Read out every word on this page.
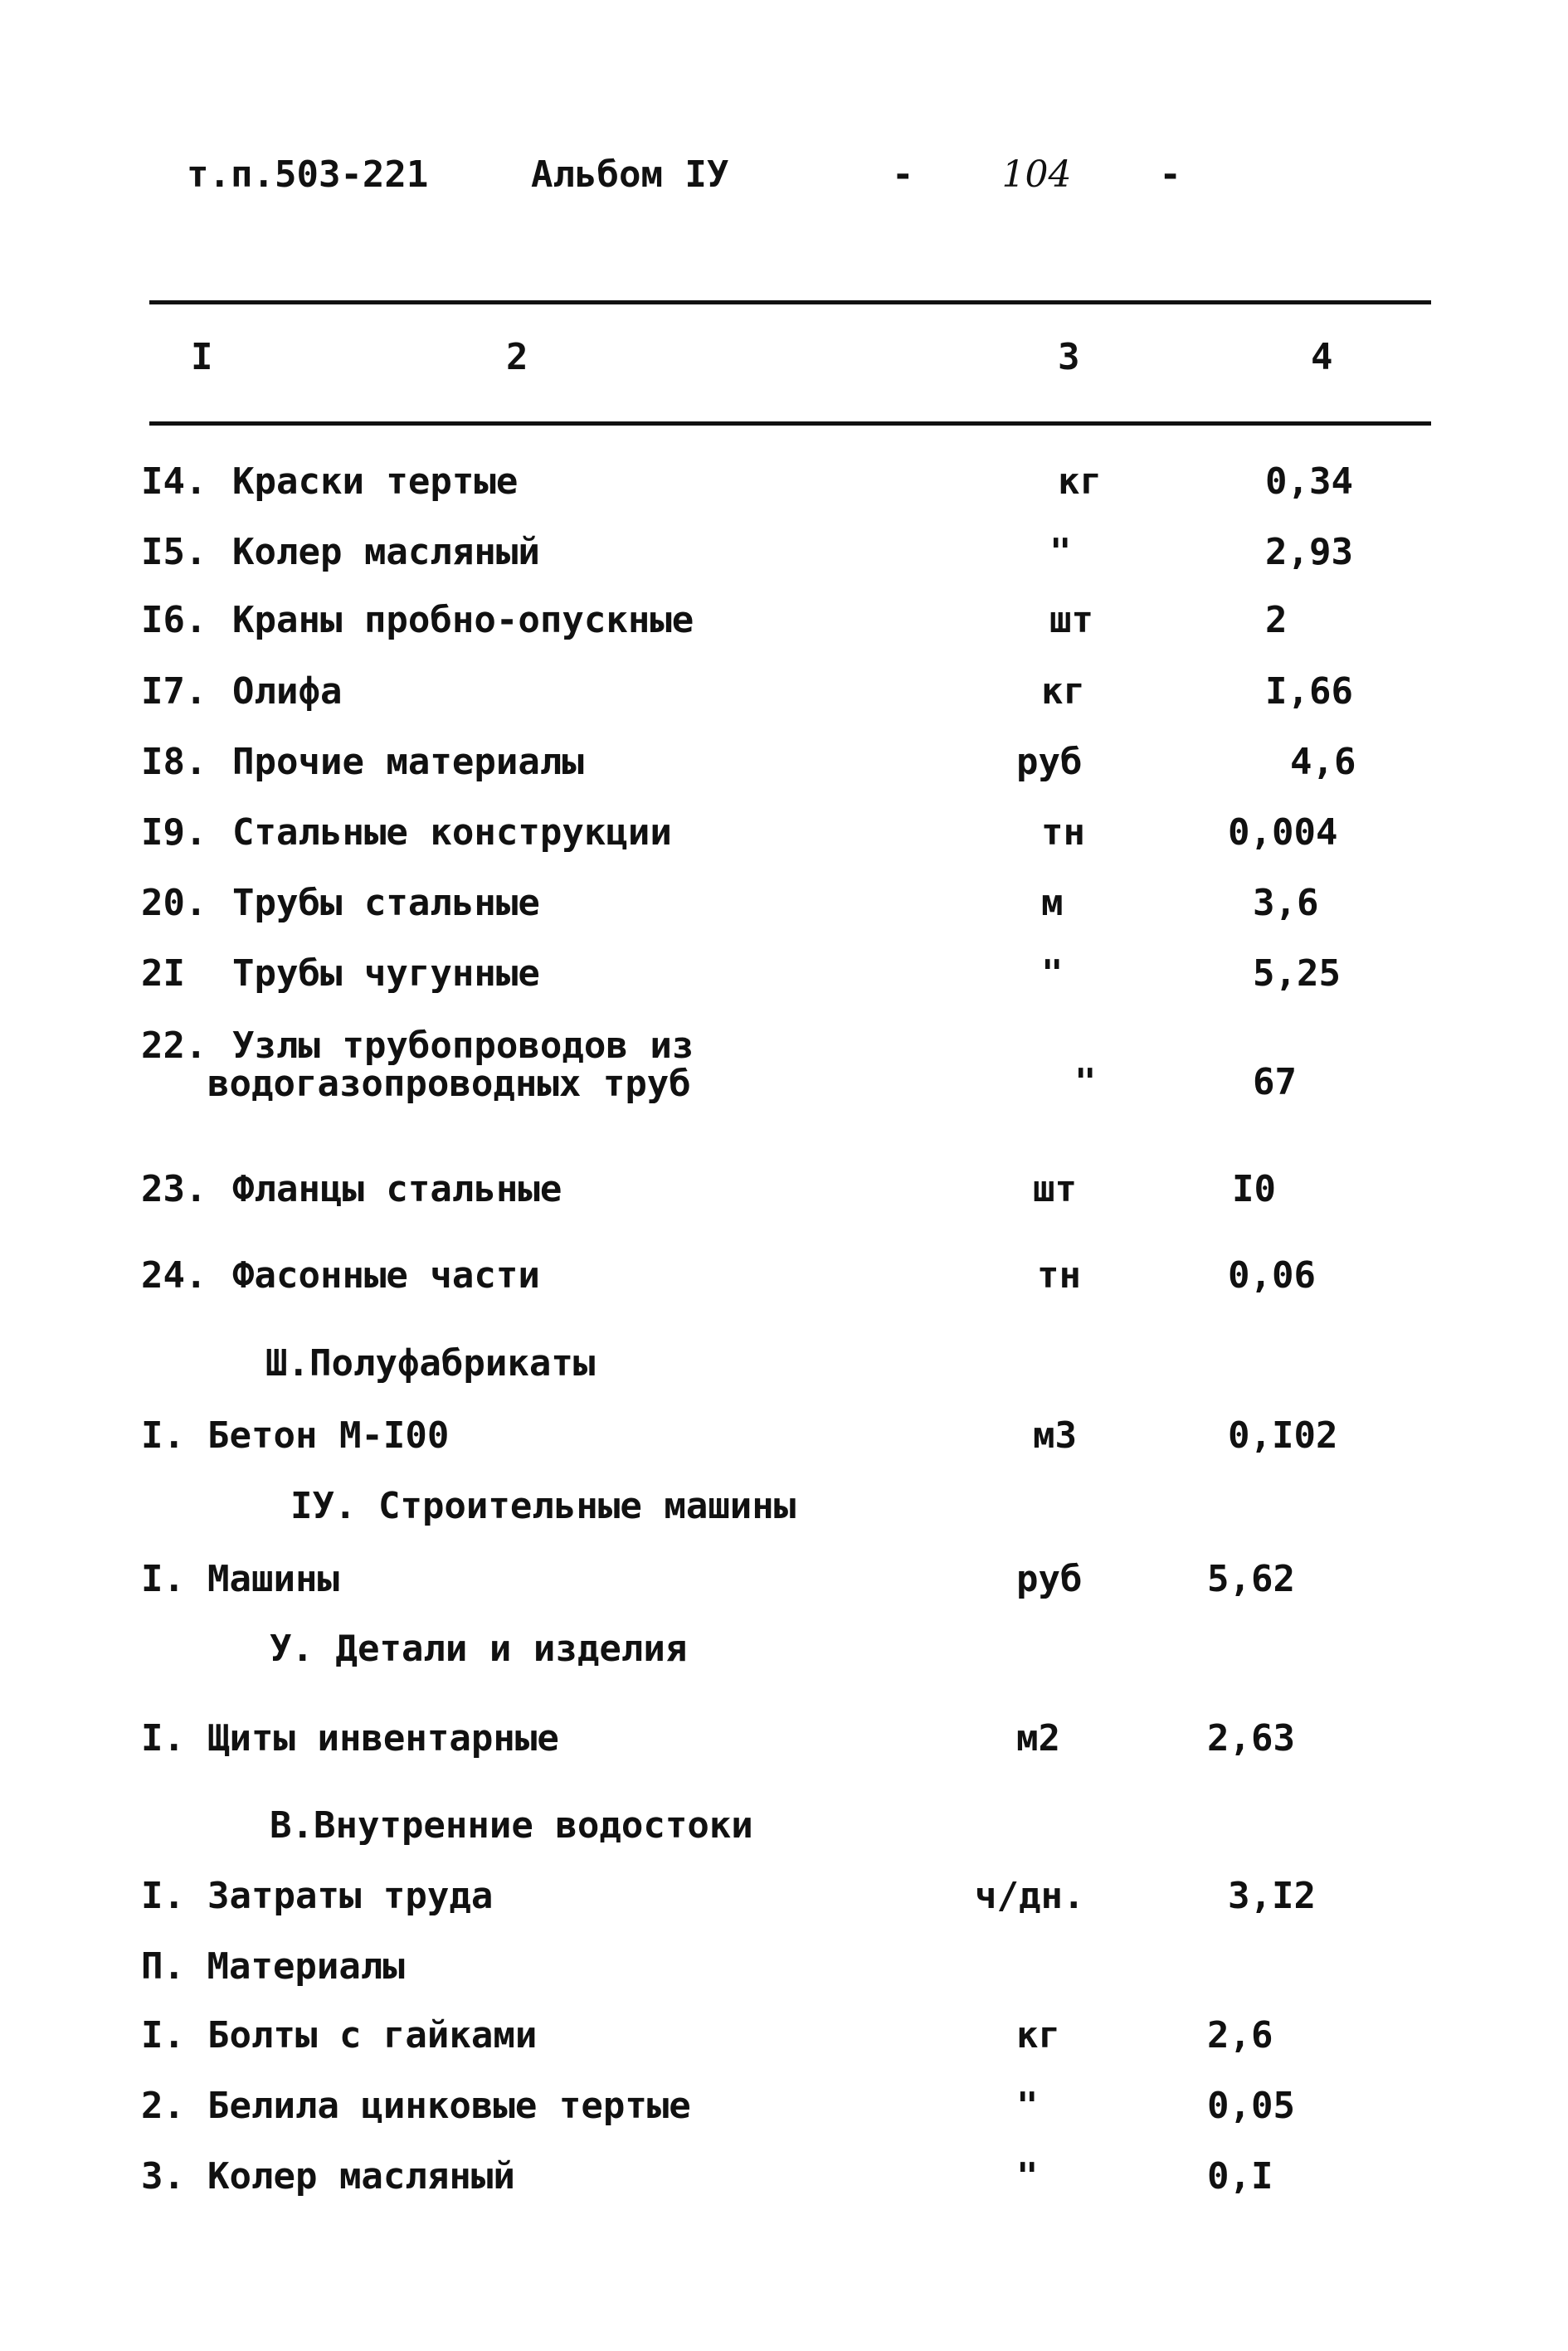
т.п.503-221	Альбом ІУ	- 104 -
I	2	3	4
I4. Краски тертые	кг	0,34
I5. Колер масляный	"	2,93
I6. Краны пробно-опускные	шт	2
I7. Олифа	кг	I,66
I8. Прочие материалы	руб	4,6
I9. Стальные конструкции	тн	0,004
20. Трубы стальные	м	3,6
2I Трубы чугунные	"	5,25
22. Узлы трубопроводов из
водогазопроводных труб	"	67
23. Фланцы стальные	шт	I0
24. Фасонные части	тн	0,06
Ш.Полуфабрикаты
I. Бетон М-I00	м3	0,I02
ІУ. Строительные машины
I. Машины	руб	5,62
У. Детали и изделия
I. Щиты инвентарные	м2	2,63
В.Внутренние водостоки
I. Затраты труда	ч/дн.	3,I2
П. Материалы
I. Болты с гайками	кг	2,6
2. Белила цинковые тертые	"	0,05
3. Колер масляный	"	0,I
